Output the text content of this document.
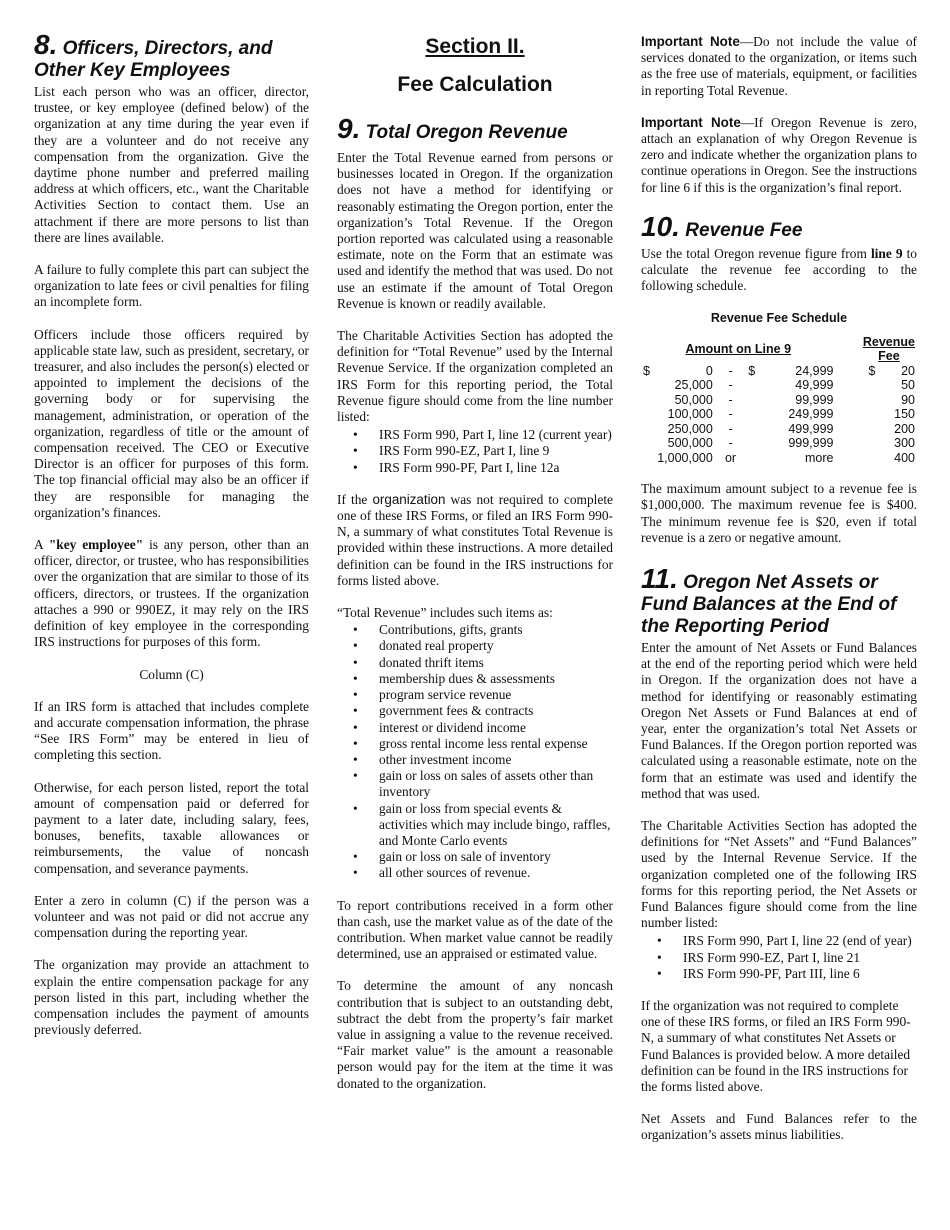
8. Officers, Directors, and Other Key Employees

List each person who was an officer, director, trustee, or key employee (defined below) of the organization at any time during the year even if they are a volunteer and do not receive any compensation from the organization. Give the daytime phone number and preferred mailing address at which officers, etc., want the Charitable Activities Section to contact them. Use an attachment if there are more persons to list than there are lines available.

A failure to fully complete this part can subject the organization to late fees or civil penalties for filing an incomplete form.

Officers include those officers required by applicable state law, such as president, secretary, or treasurer, and also includes the person(s) elected or appointed to implement the decisions of the governing body or for supervising the management, administration, or operation of the organization, regardless of title or the amount of compensation received. The CEO or Executive Director is an officer for purposes of this form. The top financial official may also be an officer if they are responsible for managing the organization’s finances.

A "key employee" is any person, other than an officer, director, or trustee, who has responsibilities over the organization that are similar to those of its officers, directors, or trustees. If the organization attaches a 990 or 990EZ, it may rely on the IRS definition of key employee in the corresponding IRS instructions for purposes of this form.

Column (C)

If an IRS form is attached that includes complete and accurate compensation information, the phrase “See IRS Form” may be entered in lieu of completing this section.

Otherwise, for each person listed, report the total amount of compensation paid or deferred for payment to a later date, including salary, fees, bonuses, benefits, taxable allowances or reimbursements, the value of noncash compensation, and severance payments.

Enter a zero in column (C) if the person was a volunteer and was not paid or did not accrue any compensation during the reporting year.

The organization may provide an attachment to explain the entire compensation package for any person listed in this part, including whether the compensation includes the payment of amounts previously deferred.

Section II.
Fee Calculation
9. Total Oregon Revenue

Enter the Total Revenue earned from persons or businesses located in Oregon. If the organization does not have a method for identifying or reasonably estimating the Oregon portion, enter the organization’s Total Revenue. If the Oregon portion reported was calculated using a reasonable estimate, note on the Form that an estimate was used and identify the method that was used. Do not use an estimate if the amount of Total Oregon Revenue is known or readily available.

The Charitable Activities Section has adopted the definition for “Total Revenue” used by the Internal Revenue Service. If the organization completed an IRS Form for this reporting period, the Total Revenue figure should come from the line number listed:

• IRS Form 990, Part I, line 12 (current year)
• IRS Form 990-EZ, Part I, line 9
• IRS Form 990-PF, Part I, line 12a

If the organization was not required to complete one of these IRS Forms, or filed an IRS Form 990-N, a summary of what constitutes Total Revenue is provided within these instructions. A more detailed definition can be found in the IRS instructions for forms listed above.

“Total Revenue” includes such items as:

• Contributions, gifts, grants
• donated real property
• donated thrift items
• membership dues & assessments
• program service revenue
• government fees & contracts
• interest or dividend income
• gross rental income less rental expense
• other investment income
• gain or loss on sales of assets other than inventory
• gain or loss from special events & activities which may include bingo, raffles, and Monte Carlo events
• gain or loss on sale of inventory
• all other sources of revenue.

To report contributions received in a form other than cash, use the market value as of the date of the contribution. When market value cannot be readily determined, use an appraised or estimated value.

To determine the amount of any noncash contribution that is subject to an outstanding debt, subtract the debt from the property’s fair market value in assigning a value to the revenue received. “Fair market value” is the amount a reasonable person would pay for the item at the time it was donated to the organization.

Important Note—Do not include the value of services donated to the organization, or items such as the free use of materials, equipment, or facilities in reporting Total Revenue.

Important Note—If Oregon Revenue is zero, attach an explanation of why Oregon Revenue is zero and indicate whether the organization plans to continue operations in Oregon. See the instructions for line 6 if this is the organization’s final report.

10. Revenue Fee

Use the total Oregon revenue figure from line 9 to calculate the revenue fee according to the following schedule.

Revenue Fee Schedule
Amount on Line 9						Revenue Fee	
$	0	-	$	24,999		$	20
	25,000	-		49,999			50
	50,000	-		99,999			90
	100,000	-		249,999			150
	250,000	-		499,999			200
	500,000	-		999,999			300
	1,000,000	or		more			400

The maximum amount subject to a revenue fee is $1,000,000. The maximum revenue fee is $400. The minimum revenue fee is $20, even if total revenue is a zero or negative amount.

11. Oregon Net Assets or Fund Balances at the End of the Reporting Period

Enter the amount of Net Assets or Fund Balances at the end of the reporting period which were held in Oregon. If the organization does not have a method for identifying or reasonably estimating Oregon Net Assets or Fund Balances at end of year, enter the organization’s total Net Assets or Fund Balances. If the Oregon portion reported was calculated using a reasonable estimate, note on the form that an estimate was used and identify the method that was used.

The Charitable Activities Section has adopted the definitions for “Net Assets” and “Fund Balances” used by the Internal Revenue Service. If the organization completed one of the following IRS forms for this reporting period, the Net Assets or Fund Balances figure should come from the line number listed:

• IRS Form 990, Part I, line 22 (end of year)
• IRS Form 990-EZ, Part I, line 21
• IRS Form 990-PF, Part III, line 6

If the organization was not required to complete one of these IRS forms, or filed an IRS Form 990-N, a summary of what constitutes Net Assets or Fund Balances is provided below. A more detailed definition can be found in the IRS instructions for the forms listed above.

Net Assets and Fund Balances refer to the organization’s assets minus liabilities.
